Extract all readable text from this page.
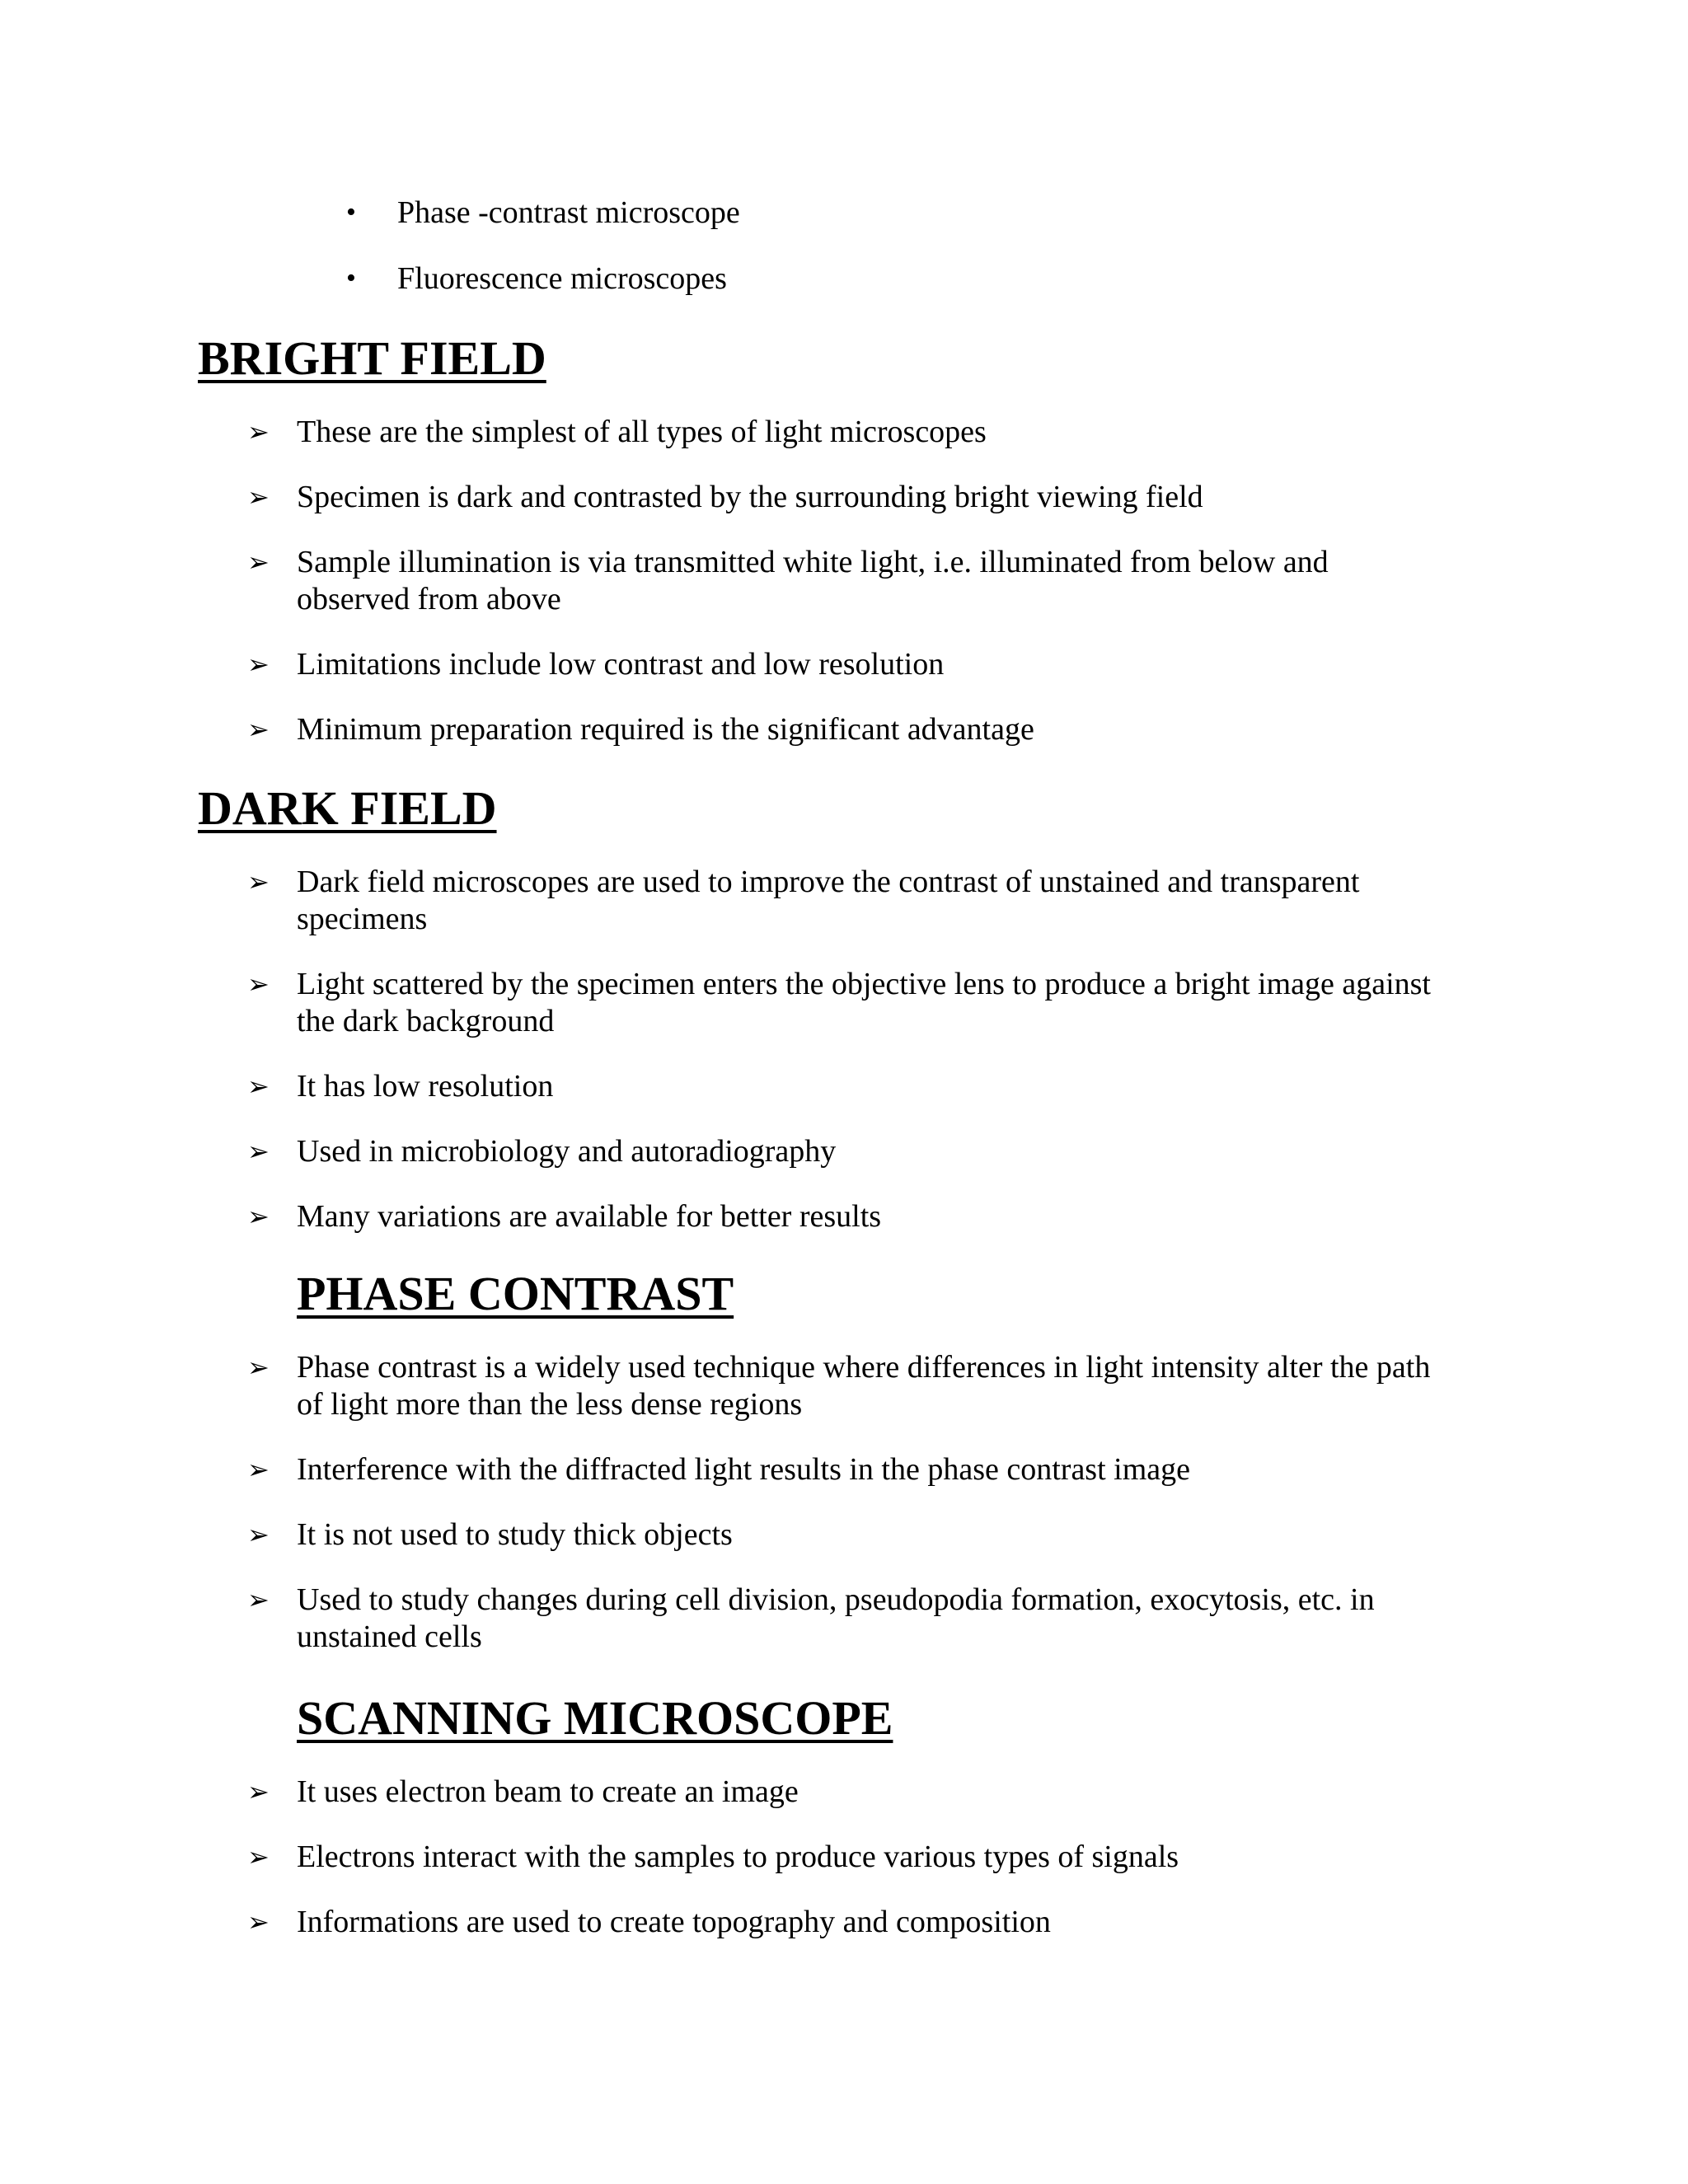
• Phase -contrast microscope
• Fluorescence microscopes
BRIGHT FIELD
➢ These are the simplest of all types of light microscopes
➢ Specimen is dark and contrasted by the surrounding bright viewing field
➢ Sample illumination is via transmitted white light, i.e. illuminated from below and observed from above
➢ Limitations include low contrast and low resolution
➢ Minimum preparation required is the significant advantage
DARK FIELD
➢ Dark field microscopes are used to improve the contrast of unstained and transparent specimens
➢ Light scattered by the specimen enters the objective lens to produce a bright image against the dark background
➢ It has low resolution
➢ Used in microbiology and autoradiography
➢ Many variations are available for better results
PHASE CONTRAST
➢ Phase contrast is a widely used technique where differences in light intensity alter the path of light more than the less dense regions
➢ Interference with the diffracted light results in the phase contrast image
➢ It is not used to study thick objects
➢ Used to study changes during cell division, pseudopodia formation, exocytosis, etc. in unstained cells
SCANNING MICROSCOPE
➢ It uses electron beam to create an image
➢ Electrons interact with the samples to produce various types of signals
➢ Informations are used to create topography and composition
